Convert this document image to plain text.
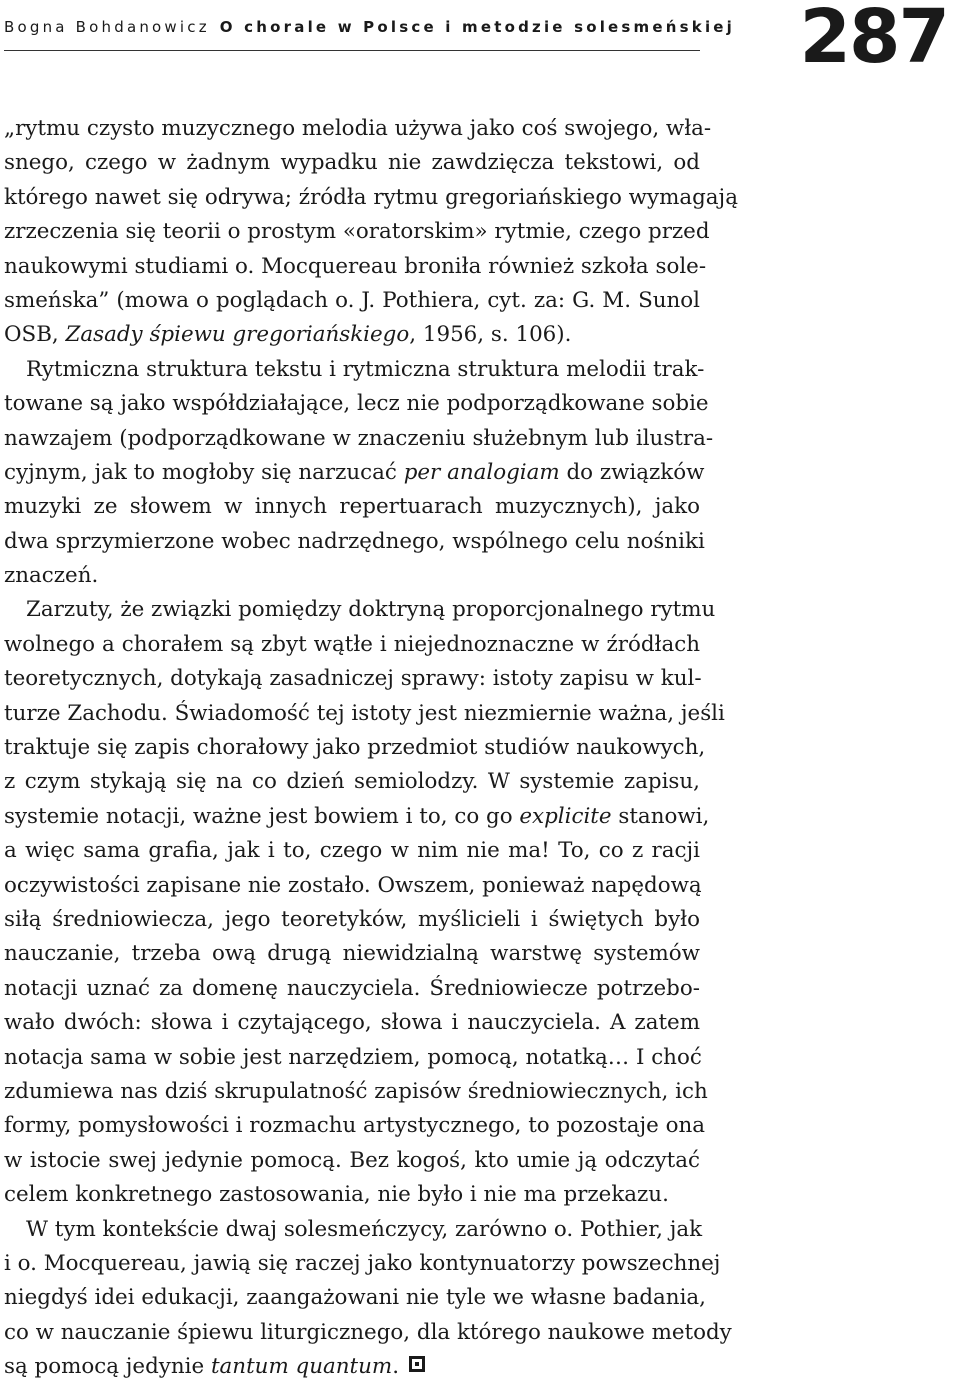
Bogna Bohdanowicz O chorale w Polsce i metodzie solesmeńskiej 287
„rytmu czysto muzycznego melodia używa jako coś swojego, wła-
snego, czego w żadnym wypadku nie zawdzięcza tekstowi, od
którego nawet się odrywa; źródła rytmu gregoriańskiego wymagają
zrzeczenia się teorii o prostym «oratorskim» rytmie, czego przed
naukowymi studiami o. Mocquereau broniła również szkoła sole-
smeńska” (mowa o poglądach o. J. Pothiera, cyt. za: G. M. Sunol
OSB, Zasady śpiewu gregoriańskiego, 1956, s. 106).
Rytmiczna struktura tekstu i rytmiczna struktura melodii trak-
towane są jako współdziałające, lecz nie podporządkowane sobie
nawzajem (podporządkowane w znaczeniu służebnym lub ilustra-
cyjnym, jak to mogłoby się narzucać per analogiam do związków
muzyki ze słowem w innych repertuarach muzycznych), jako
dwa sprzymierzone wobec nadrzędnego, wspólnego celu nośniki
znaczeń.
Zarzuty, że związki pomiędzy doktryną proporcjonalnego rytmu
wolnego a chorałem są zbyt wątłe i niejednoznaczne w źródłach
teoretycznych, dotykają zasadniczej sprawy: istoty zapisu w kul-
turze Zachodu. Świadomość tej istoty jest niezmiernie ważna, jeśli
traktuje się zapis chorałowy jako przedmiot studiów naukowych,
z czym stykają się na co dzień semiolodzy. W systemie zapisu,
systemie notacji, ważne jest bowiem i to, co go explicite stanowi,
a więc sama grafia, jak i to, czego w nim nie ma! To, co z racji
oczywistości zapisane nie zostało. Owszem, ponieważ napędową
siłą średniowiecza, jego teoretyków, myślicieli i świętych było
nauczanie, trzeba ową drugą niewidzialną warstwę systemów
notacji uznać za domenę nauczyciela. Średniowiecze potrzebo-
wało dwóch: słowa i czytającego, słowa i nauczyciela. A zatem
notacja sama w sobie jest narzędziem, pomocą, notatką… I choć
zdumiewa nas dziś skrupulatność zapisów średniowiecznych, ich
formy, pomysłowości i rozmachu artystycznego, to pozostaje ona
w istocie swej jedynie pomocą. Bez kogoś, kto umie ją odczytać
celem konkretnego zastosowania, nie było i nie ma przekazu.
W tym kontekście dwaj solesmeńczycy, zarówno o. Pothier, jak
i o. Mocquereau, jawią się raczej jako kontynuatorzy powszechnej
niegdyś idei edukacji, zaangażowani nie tyle we własne badania,
co w nauczanie śpiewu liturgicznego, dla którego naukowe metody
są pomocą jedynie tantum quantum.
